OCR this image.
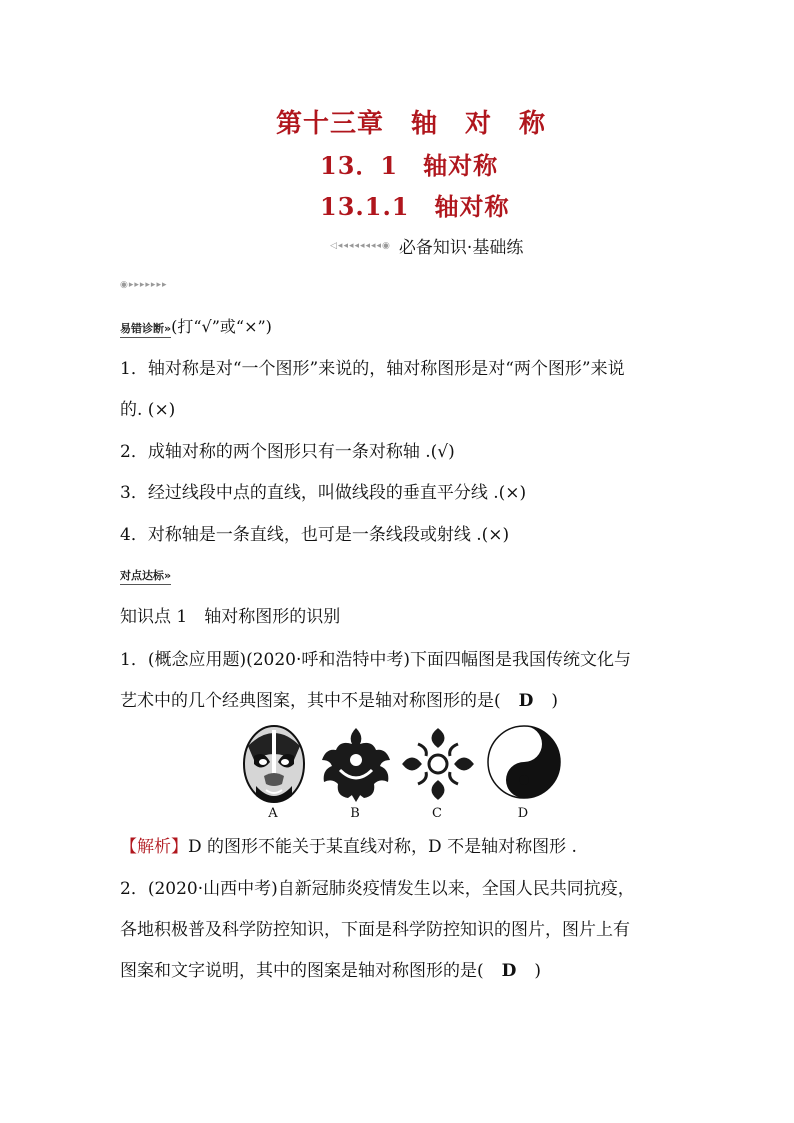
第十三章　轴　对　称
13．1　轴对称
13.1.1　轴对称
◁◂◂◂◂◂◂◂◂◉ 必备知识·基础练
◉▸▸▸▸▸▸▸
易错诊断» (打“√”或“×”)
1．轴对称是对“一个图形”来说的，轴对称图形是对“两个图形”来说
的. (×)
2．成轴对称的两个图形只有一条对称轴 .(√)
3．经过线段中点的直线，叫做线段的垂直平分线 .(×)
4．对称轴是一条直线，也可是一条线段或射线 .(×)
对点达标»
知识点 1　轴对称图形的识别
1．(概念应用题)(2020·呼和浩特中考)下面四幅图是我国传统文化与
艺术中的几个经典图案，其中不是轴对称图形的是( D )
A	B	C	D
【解析】D 的图形不能关于某直线对称，D 不是轴对称图形 .
2．(2020·山西中考)自新冠肺炎疫情发生以来，全国人民共同抗疫，
各地积极普及科学防控知识，下面是科学防控知识的图片，图片上有
图案和文字说明，其中的图案是轴对称图形的是( D )
